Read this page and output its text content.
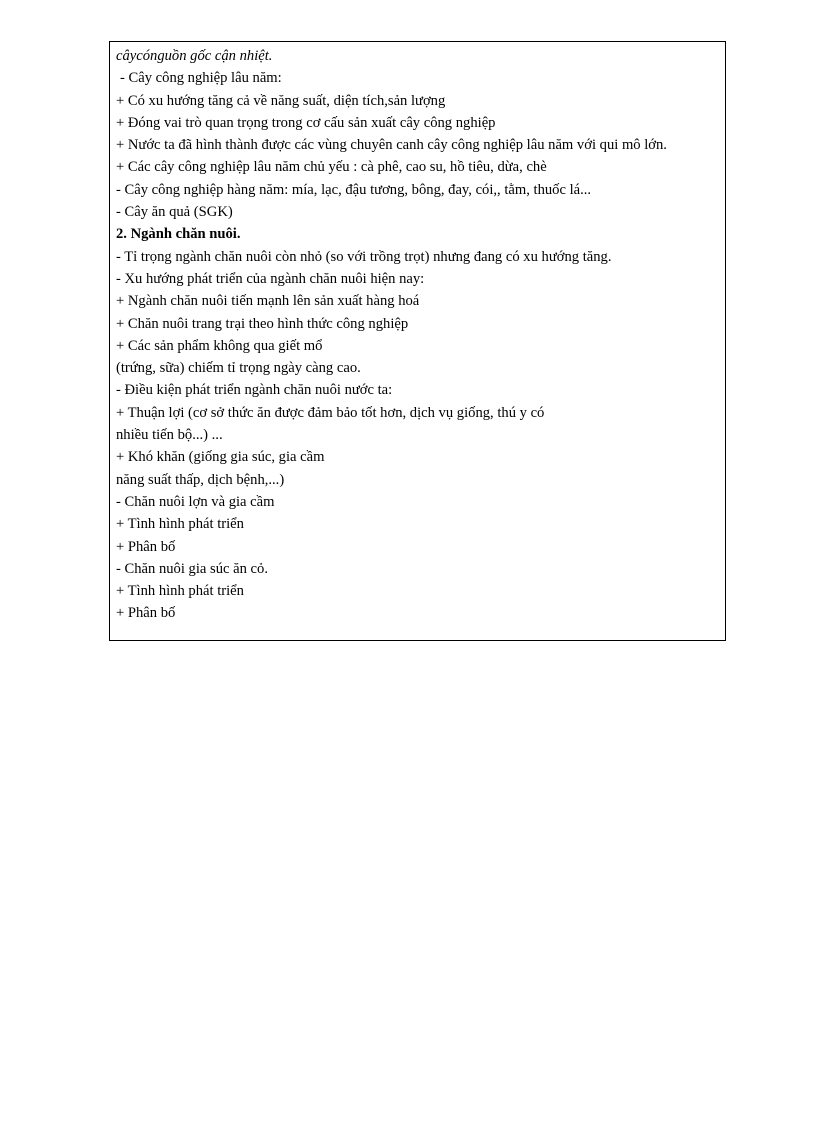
câycónguồn gốc cận nhiệt.

- Cây công nghiệp lâu năm:

+ Có xu hướng tăng cả về năng suất, diện tích,sản lượng

+ Đóng vai trò quan trọng trong cơ cấu sản xuất cây công nghiệp

+ Nước ta đã hình thành được các vùng chuyên canh cây công nghiệp lâu năm với qui mô lớn.

+ Các cây công nghiệp lâu năm chủ yếu : cà phê, cao su, hồ tiêu, dừa, chè

- Cây công nghiệp hàng năm: mía, lạc, đậu tương, bông, đay, cói,, tằm, thuốc lá...

- Cây ăn quả (SGK)

2. Ngành chăn nuôi.

- Tỉ trọng ngành chăn nuôi còn nhỏ (so với trồng trọt) nhưng đang có xu hướng tăng.

- Xu hướng phát triển của ngành chăn nuôi hiện nay:

+ Ngành chăn nuôi tiến mạnh lên sản xuất hàng hoá

+ Chăn nuôi trang trại theo hình thức công nghiệp

+ Các sản phẩm không qua giết mổ

(trứng, sữa) chiếm tỉ trọng ngày càng cao.

- Điều kiện phát triển ngành chăn nuôi nước ta:

+ Thuận lợi (cơ sở thức ăn được đảm bảo tốt hơn, dịch vụ giống, thú y có

nhiều tiến bộ...) ...

+ Khó khăn (giống gia súc, gia cầm

năng suất thấp, dịch bệnh,...)

- Chăn nuôi lợn và gia cầm

+ Tình hình phát triển

+ Phân bố

- Chăn nuôi gia súc ăn cỏ.

+ Tình hình phát triển

+ Phân bố
